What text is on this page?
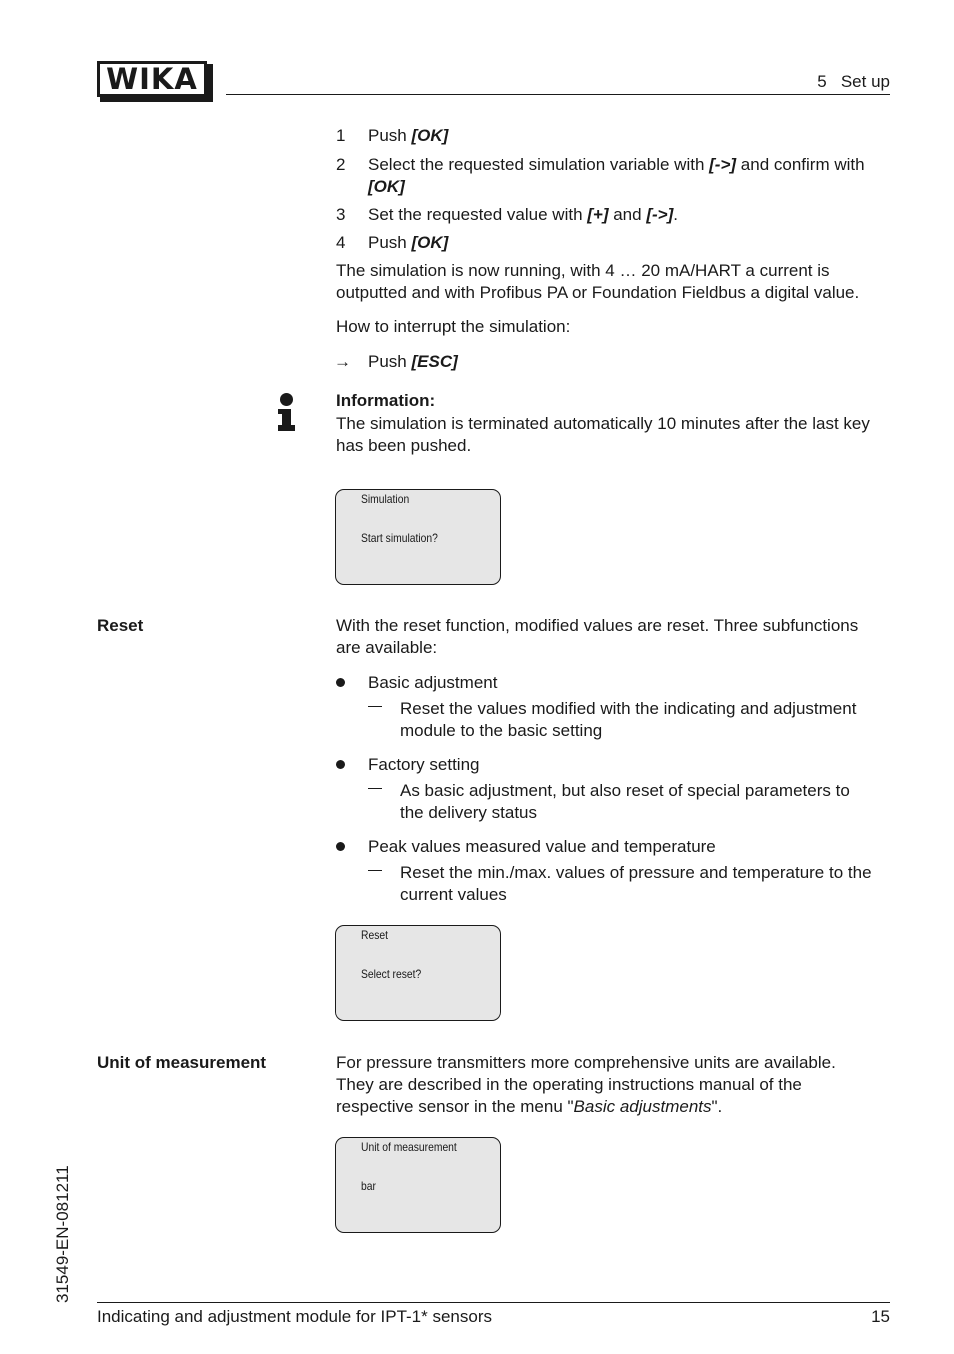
WIKA	5   Set up
1 Push [OK]
2 Select the requested simulation variable with [->] and confirm with
[OK]
3 Set the requested value with [+] and [->].
4 Push [OK]
The simulation is now running, with 4 … 20 mA/HART a current is
outputted and with Profibus PA or Foundation Fieldbus a digital value.
How to interrupt the simulation:
→ Push [ESC]
Information:
The simulation is terminated automatically 10 minutes after the last key
has been pushed.
Simulation
Start simulation?
Reset	With the reset function, modified values are reset. Three subfunctions
are available:
Basic adjustment
Reset the values modified with the indicating and adjustment
module to the basic setting
Factory setting
As basic adjustment, but also reset of special parameters to
the delivery status
Peak values measured value and temperature
Reset the min./max. values of pressure and temperature to the
current values
Reset
Select reset?
Unit of measurement	For pressure transmitters more comprehensive units are available.
They are described in the operating instructions manual of the
respective sensor in the menu "Basic adjustments".
Unit of measurement
bar
31549-EN-081211
Indicating and adjustment module for IPT-1* sensors	15
